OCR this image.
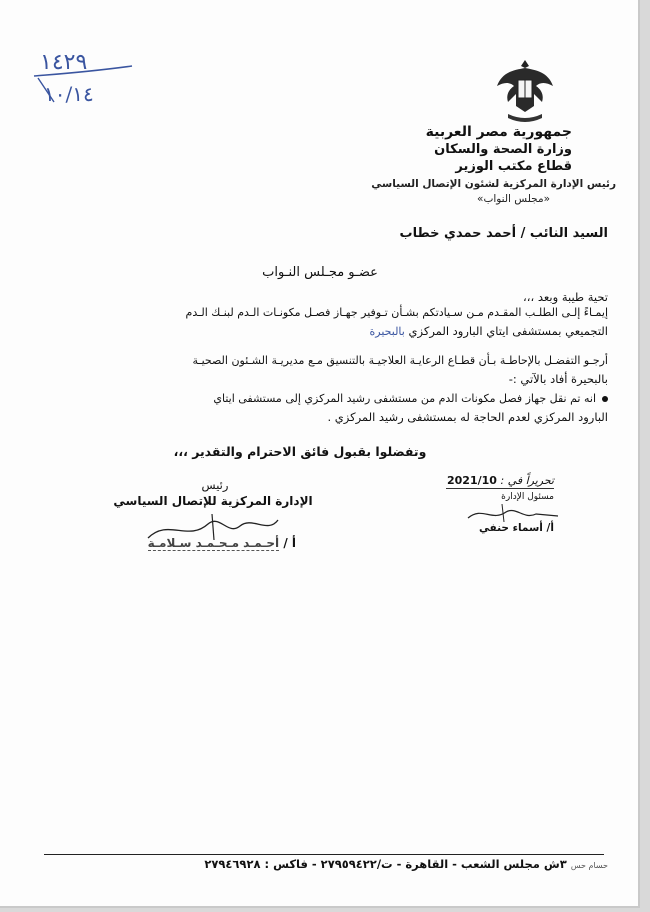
١٤٢٩
١٠/١٤
جمهورية مصر العربية
وزارة الصحة والسكان
قطاع مكتب الوزير
رئيس الإدارة المركزية لشئون الإتصال السياسي
«مجلس النواب»
السيد النائب / أحمد حمدي خطاب
عضـو مجـلس النـواب
تحية طيبة وبعد ،،،
إيمـاءً إلـى الطلـب المقـدم مـن سـيادتكم بشـأن تـوفير جهـاز فصـل مكونـات الـدم لبنـك الـدم
التجميعي بمستشفى ايتاي البارود المركزي بالبحيرة
أرجـو التفضـل بالإحاطـة بـأن قطـاع الرعايـة العلاجيـة بالتنسيق مـع مديريـة الشـئون الصحيـة
بالبحيرة أفاد بالآتي :-
انه تم نقل جهاز فصل مكونات الدم من مستشفى رشيد المركزي إلى مستشفى ايتاي
البارود المركزي لعدم الحاجة له بمستشفى رشيد المركزي .
وتفضلوا بقبول فائق الاحترام والتقدير ،،،
رئيس
الإدارة المركزية للإتصال السياسي
أ / أحـمـد مـحـمـد سـلامـة
تحريراً في : 2021/10
مسئول الإدارة
أ/ أسماء حنفي
حسام حس ٣ش مجلس الشعب - القاهرة - ت/٢٧٩٥٩٤٢٢ - فاكس : ٢٧٩٤٦٩٢٨
